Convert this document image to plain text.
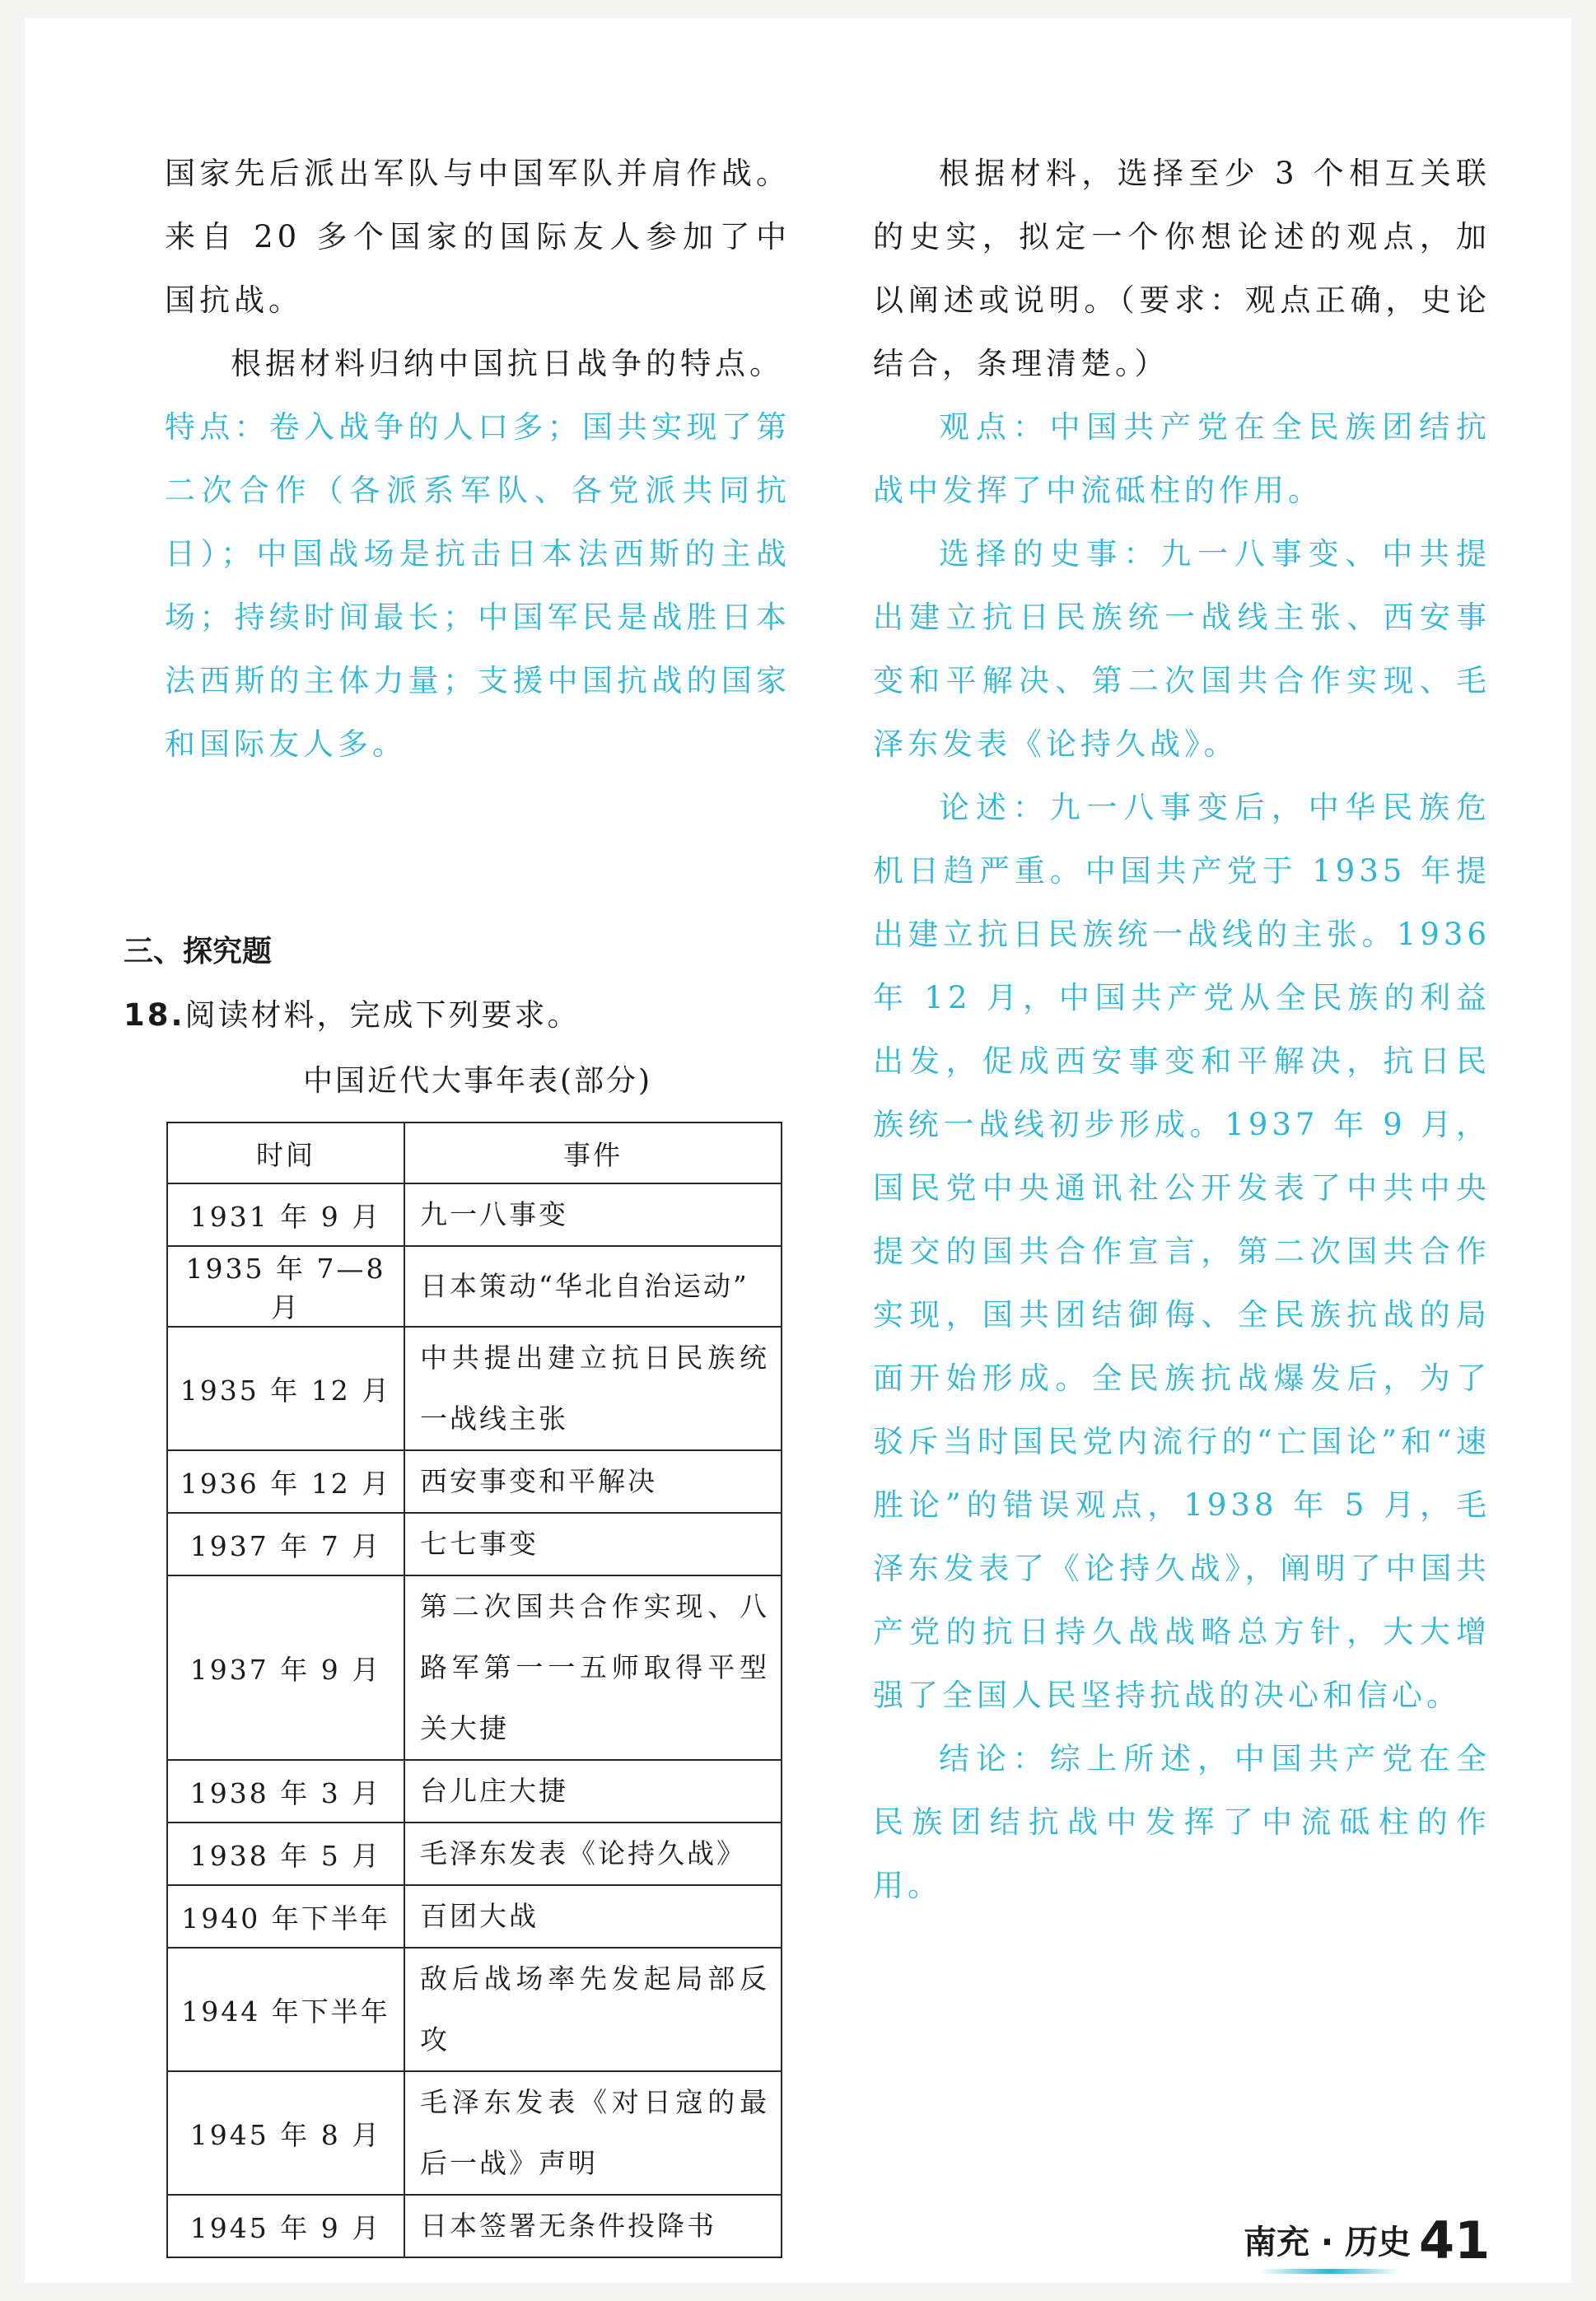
国家先后派出军队与中国军队并肩作战。来自 20 多个国家的国际友人参加了中国抗战。

根据材料归纳中国抗日战争的特点。

特点：卷入战争的人口多；国共实现了第二次合作（各派系军队、各党派共同抗日）；中国战场是抗击日本法西斯的主战场；持续时间最长；中国军民是战胜日本法西斯的主体力量；支援中国抗战的国家和国际友人多。

三、探究题
18.阅读材料，完成下列要求。
中国近代大事年表(部分)
时间	事件
1931 年 9 月	九一八事变
1935 年 7—8 月	日本策动“华北自治运动”
1935 年 12 月	中共提出建立抗日民族统一战线主张
1936 年 12 月	西安事变和平解决
1937 年 7 月	七七事变
1937 年 9 月	第二次国共合作实现、八路军第一一五师取得平型关大捷
1938 年 3 月	台儿庄大捷
1938 年 5 月	毛泽东发表《论持久战》
1940 年下半年	百团大战
1944 年下半年	敌后战场率先发起局部反攻
1945 年 8 月	毛泽东发表《对日寇的最后一战》声明
1945 年 9 月	日本签署无条件投降书

根据材料，选择至少 3 个相互关联的史实，拟定一个你想论述的观点，加以阐述或说明。（要求：观点正确，史论结合，条理清楚。）

观点：中国共产党在全民族团结抗战中发挥了中流砥柱的作用。

选择的史事：九一八事变、中共提出建立抗日民族统一战线主张、西安事变和平解决、第二次国共合作实现、毛泽东发表《论持久战》。

论述：九一八事变后，中华民族危机日趋严重。中国共产党于 1935 年提出建立抗日民族统一战线的主张。1936 年 12 月，中国共产党从全民族的利益出发，促成西安事变和平解决，抗日民族统一战线初步形成。1937 年 9 月，国民党中央通讯社公开发表了中共中央提交的国共合作宣言，第二次国共合作实现，国共团结御侮、全民族抗战的局面开始形成。全民族抗战爆发后，为了驳斥当时国民党内流行的“亡国论”和“速胜论”的错误观点，1938 年 5 月，毛泽东发表了《论持久战》，阐明了中国共产党的抗日持久战战略总方针，大大增强了全国人民坚持抗战的决心和信心。

结论：综上所述，中国共产党在全民族团结抗战中发挥了中流砥柱的作用。

南充 · 历史 41
